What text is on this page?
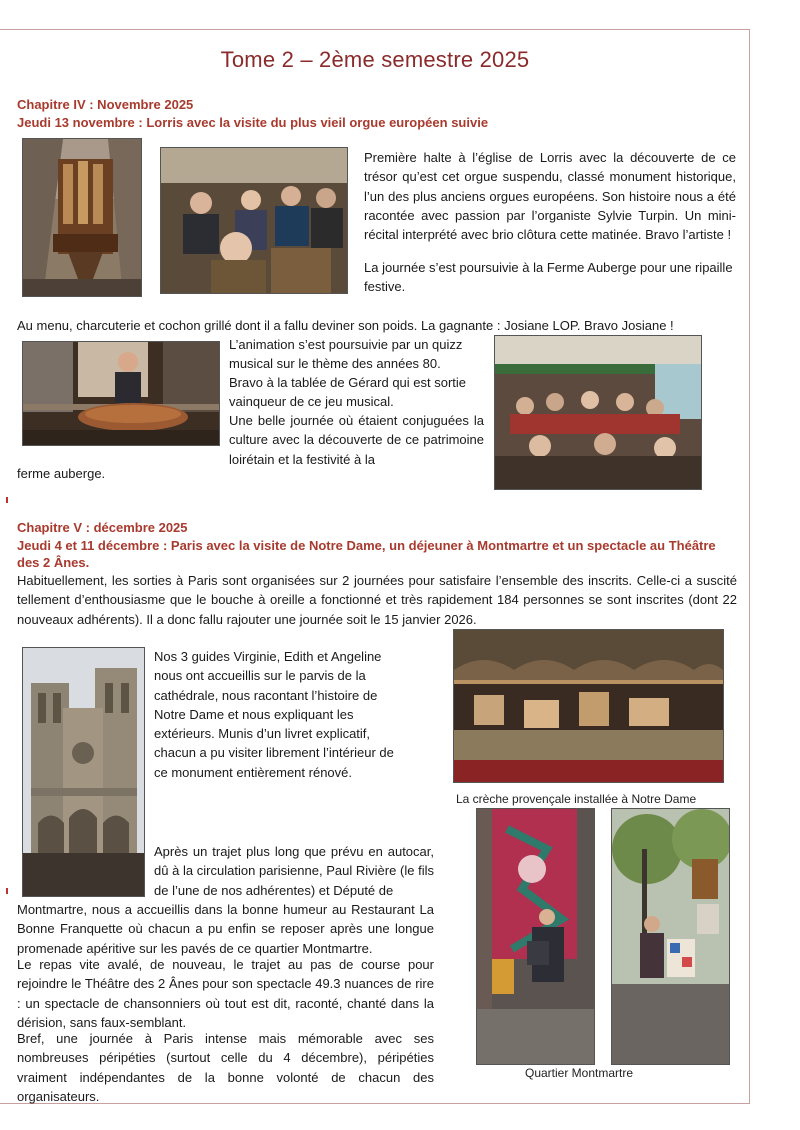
Tome 2 – 2ème semestre 2025
Chapitre IV : Novembre 2025
Jeudi 13 novembre : Lorris avec la visite du plus vieil orgue européen suivie
Première halte à l’église de Lorris avec la découverte de ce trésor qu’est cet orgue suspendu, classé monument historique, l’un des plus anciens orgues européens. Son histoire nous a été racontée avec passion par l’organiste Sylvie Turpin. Un mini-récital interprété avec brio clôtura cette matinée. Bravo l’artiste !
La journée s’est poursuivie à la Ferme Auberge pour une ripaille festive.
Au menu, charcuterie et cochon grillé dont il a fallu deviner son poids. La gagnante : Josiane LOP. Bravo Josiane !
L’animation s’est poursuivie par un quizz musical sur le thème des années 80.
Bravo à la tablée de Gérard qui est sortie vainqueur de ce jeu musical.
Une belle journée où étaient conjuguées la culture avec la découverte de ce patrimoine loirétain et la festivité à la
ferme auberge.
Chapitre V : décembre 2025
Jeudi 4 et 11 décembre : Paris avec la visite de Notre Dame, un déjeuner à Montmartre et un spectacle au Théâtre des 2 Ânes.
Habituellement, les sorties à Paris sont organisées sur 2 journées pour satisfaire l’ensemble des inscrits. Celle-ci a suscité tellement d’enthousiasme que le bouche à oreille a fonctionné et très rapidement 184 personnes se sont inscrites (dont 22 nouveaux adhérents). Il a donc fallu rajouter une journée soit le 15 janvier 2026.
Nos 3 guides Virginie, Edith et Angeline nous ont accueillis sur le parvis de la cathédrale, nous racontant l’histoire de Notre Dame et nous expliquant les extérieurs. Munis d’un livret explicatif, chacun a pu visiter librement l’intérieur de ce monument entièrement rénové.
La crèche provençale installée à Notre Dame
Après un trajet plus long que prévu en autocar, dû à la circulation parisienne, Paul Rivière (le fils de l’une de nos adhérentes) et Député de
Montmartre, nous a accueillis dans la bonne humeur au Restaurant La Bonne Franquette où chacun a pu enfin se reposer après une longue promenade apéritive sur les pavés de ce quartier Montmartre.
Le repas vite avalé, de nouveau, le trajet au pas de course pour rejoindre le Théâtre des 2 Ânes pour son spectacle 49.3 nuances de rire : un spectacle de chansonniers où tout est dit, raconté, chanté dans la dérision, sans faux-semblant.
Bref, une journée à Paris intense mais mémorable avec ses nombreuses péripéties (surtout celle du 4 décembre), péripéties vraiment indépendantes de la bonne volonté de chacun des organisateurs.
Quartier Montmartre
